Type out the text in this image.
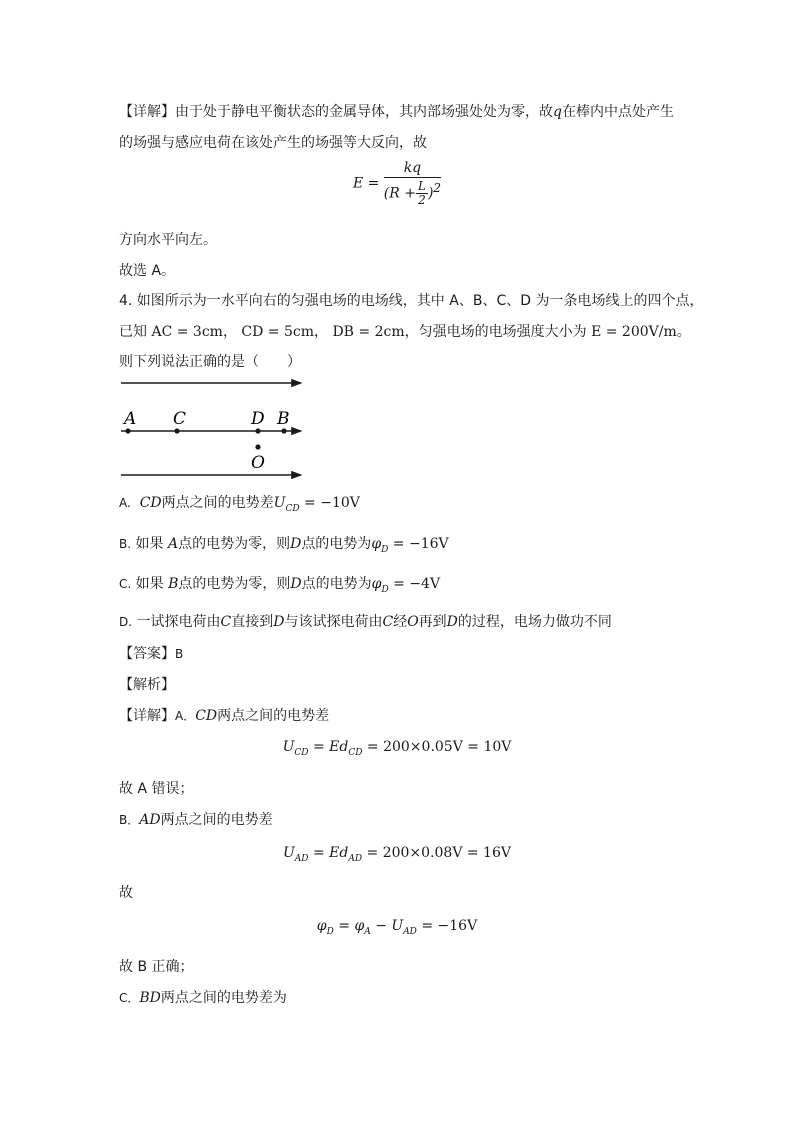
【详解】由于处于静电平衡状态的金属导体，其内部场强处处为零，故q在棒内中点处产生
的场强与感应电荷在该处产生的场强等大反向，故
$E = \frac{kq}{(R + \frac{L}{2} )^2}$
方向水平向左。
故选 A。
4. 如图所示为一水平向右的匀强电场的电场线，其中 A、B、C、D 为一条电场线上的四个点，
已知 AC = 3cm， CD = 5cm， DB = 2cm，匀强电场的电场强度大小为 E = 200V/m。
则下列说法正确的是（　　）
A C	D B
O
A. CD两点之间的电势差$U_{CD} = -10V$
B. 如果 A点的电势为零，则D点的电势为$\varphi_D = -16V$
C. 如果 B点的电势为零，则D点的电势为$\varphi_D = -4V$
D. 一试探电荷由C直接到D与该试探电荷由C经O再到D的过程，电场力做功不同
【答案】B
【解析】
【详解】A．CD两点之间的电势差
$U_{CD} = Ed_{CD} = 200\times 0.05V = 10V$
故 A 错误；
B．AD两点之间的电势差
$U_{AD} = Ed_{AD} = 200\times 0.08V = 16V$
故
$\varphi_D = \varphi_A - U_{AD} = -16V$
故 B 正确；
C．BD两点之间的电势差为
